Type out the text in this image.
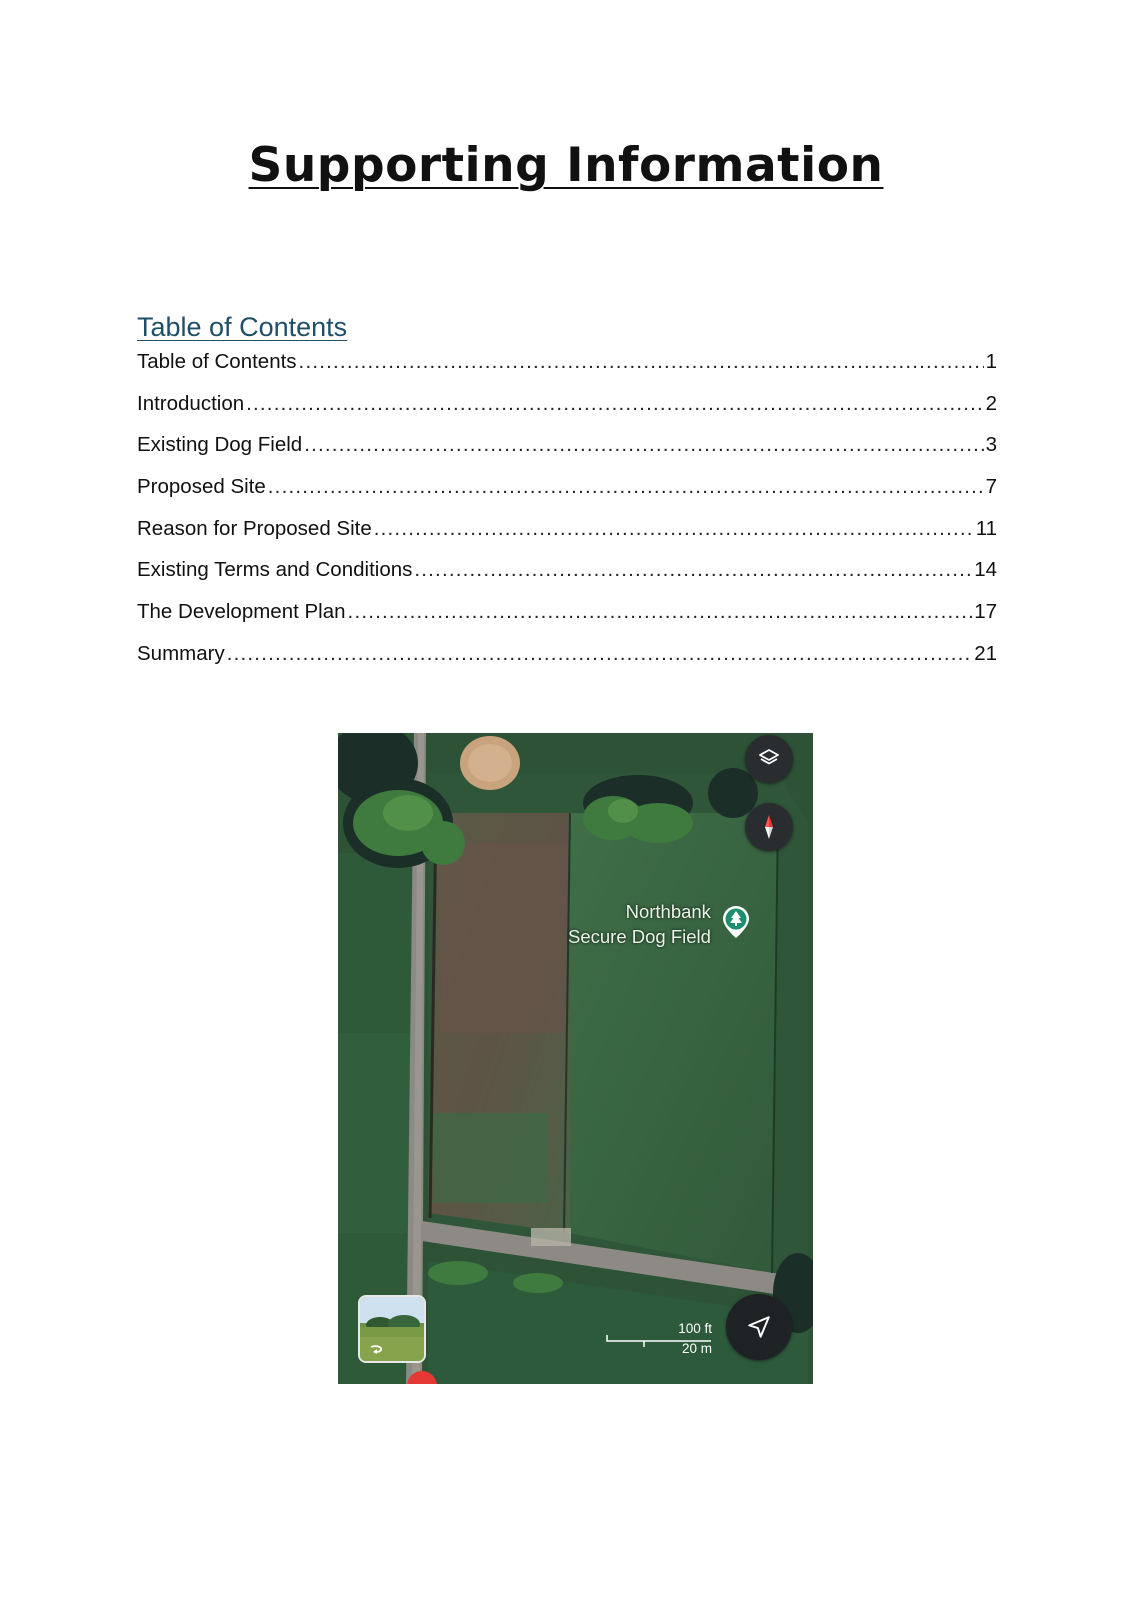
Supporting Information
Table of Contents
Table of Contents .....	1
Introduction .....	2
Existing Dog Field .....	3
Proposed Site .....	7
Reason for Proposed Site .....	11
Existing Terms and Conditions .....	14
The Development Plan .....	17
Summary .....	21
Northbank
Secure Dog Field
100 ft
20 m
